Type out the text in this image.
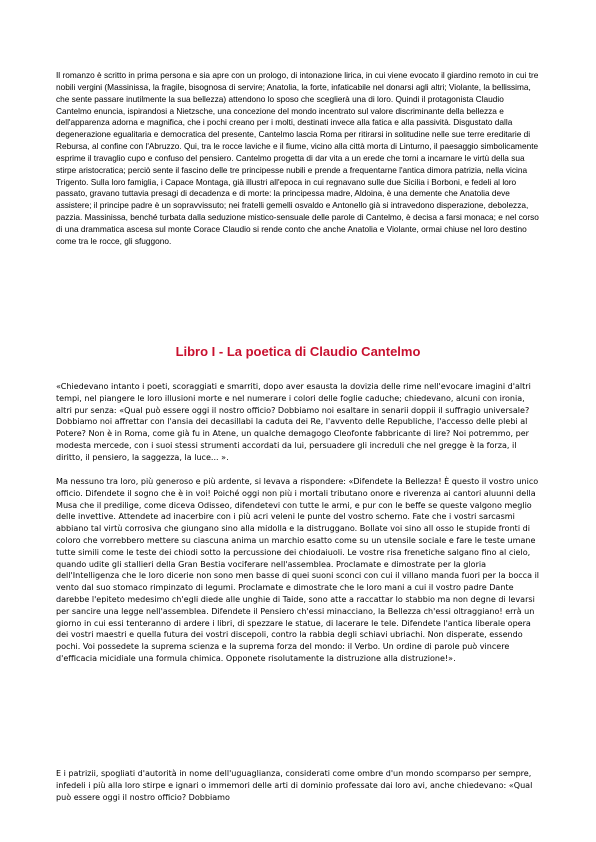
Il romanzo è scritto in prima persona e sia apre con un prologo, di intonazione lirica, in cui viene evocato il giardino remoto in cui tre nobili vergini (Massinissa, la fragile, bisognosa di servire; Anatolia, la forte, infaticabile nel donarsi agli altri; Violante, la bellissima, che sente passare inutilmente la sua bellezza) attendono lo sposo che sceglierà una di loro. Quindi il protagonista Claudio Cantelmo enuncia, ispirandosi a Nietzsche, una concezione del mondo incentrato sul valore discriminante della bellezza e dell'apparenza adorna e magnifica, che i pochi creano per i molti, destinati invece alla fatica e alla passività. Disgustato dalla degenerazione egualitaria e democratica del presente, Cantelmo lascia Roma per ritirarsi in solitudine nelle sue terre ereditarie di Rebursa, al confine con l'Abruzzo. Qui, tra le rocce laviche e il fiume, vicino alla città morta di Linturno, il paesaggio simbolicamente esprime il travaglio cupo e confuso del pensiero. Cantelmo progetta di dar vita a un erede che torni a incarnare le virtù della sua stirpe aristocratica; perciò sente il fascino delle tre principesse nubili e prende a frequentarne l'antica dimora patrizia, nella vicina Trigento. Sulla loro famiglia, i Capace Montaga, già illustri all'epoca in cui regnavano sulle due Sicilia i Borboni, e fedeli al loro passato, gravano tuttavia presagi di decadenza e di morte: la principessa madre, Aldoina, è una demente che Anatolia deve assistere; il principe padre è un sopravvissuto; nei fratelli gemelli osvaldo e Antonello già si intravedono disperazione, debolezza, pazzia. Massinissa, benché turbata dalla seduzione mistico-sensuale delle parole di Cantelmo, è decisa a farsi monaca; e nel corso di una drammatica ascesa sul monte Corace Claudio si rende conto che anche Anatolia e Violante, ormai chiuse nel loro destino come tra le rocce, gli sfuggono.

Libro I - La poetica di Claudio Cantelmo

«Chiedevano intanto i poeti, scoraggiati e smarriti, dopo aver esausta la dovizia delle rime nell'evocare imagini d'altri tempi, nel piangere le loro illusioni morte e nel numerare i colori delle foglie caduche; chiedevano, alcuni con ironia, altri pur senza: «Qual può essere oggi il nostro officio? Dobbiamo noi esaltare in senarii doppii il suffragio universale? Dobbiamo noi affrettar con l'ansia dei decasillabi la caduta dei Re, l'avvento delle Republiche, l'accesso delle plebi al Potere? Non è in Roma, come già fu in Atene, un qualche demagogo Cleofonte fabbricante di lire? Noi potremmo, per modesta mercede, con i suoi stessi strumenti accordati da lui, persuadere gli increduli che nel gregge è la forza, il diritto, il pensiero, la saggezza, la luce... ».

Ma nessuno tra loro, più generoso e più ardente, si levava a rispondere: «Difendete la Bellezza! È questo il vostro unico officio. Difendete il sogno che è in voi! Poiché oggi non più i mortali tributano onore e riverenza ai cantori aluunni della Musa che il predilige, come diceva Odisseo, difendetevi con tutte le armi, e pur con le beffe se queste valgono meglio delle invettive. Attendete ad inacerbire con i più acri veleni le punte del vostro scherno. Fate che i vostri sarcasmi abbiano tal virtù corrosiva che giungano sino alla midolla e la distruggano. Bollate voi sino all osso le stupide fronti di coloro che vorrebbero mettere su ciascuna anima un marchio esatto come su un utensile sociale e fare le teste umane tutte simili come le teste dei chiodi sotto la percussione dei chiodaiuoli. Le vostre risa frenetiche salgano fino al cielo, quando udite gli stallieri della Gran Bestia vociferare nell'assemblea. Proclamate e dimostrate per la gloria dell'Intelligenza che le loro dicerie non sono men basse di quei suoni sconci con cui il villano manda fuori per la bocca il vento dal suo stomaco rimpinzato di legumi. Proclamate e dimostrate che le loro mani a cui il vostro padre Dante darebbe l'epiteto medesimo ch'egli diede alle unghie di Taide, sono atte a raccattar lo stabbio ma non degne di levarsi per sancire una legge nell'assemblea. Difendete il Pensiero ch'essi minacciano, la Bellezza ch'essi oltraggiano! errà un giorno in cui essi tenteranno di ardere i libri, di spezzare le statue, di lacerare le tele. Difendete l'antica liberale opera dei vostri maestri e quella futura dei vostri discepoli, contro la rabbia degli schiavi ubriachi. Non disperate, essendo pochi. Voi possedete la suprema scienza e la suprema forza del mondo: il Verbo. Un ordine di parole può vincere d'efficacia micidiale una formula chimica. Opponete risolutamente la distruzione alla distruzione!».

E i patrizii, spogliati d'autorità in nome dell'uguaglianza, considerati come ombre d'un mondo scomparso per sempre, infedeli i più alla loro stirpe e ignari o immemori delle arti di dominio professate dai loro avi, anche chiedevano: «Qual può essere oggi il nostro officio? Dobbiamo
